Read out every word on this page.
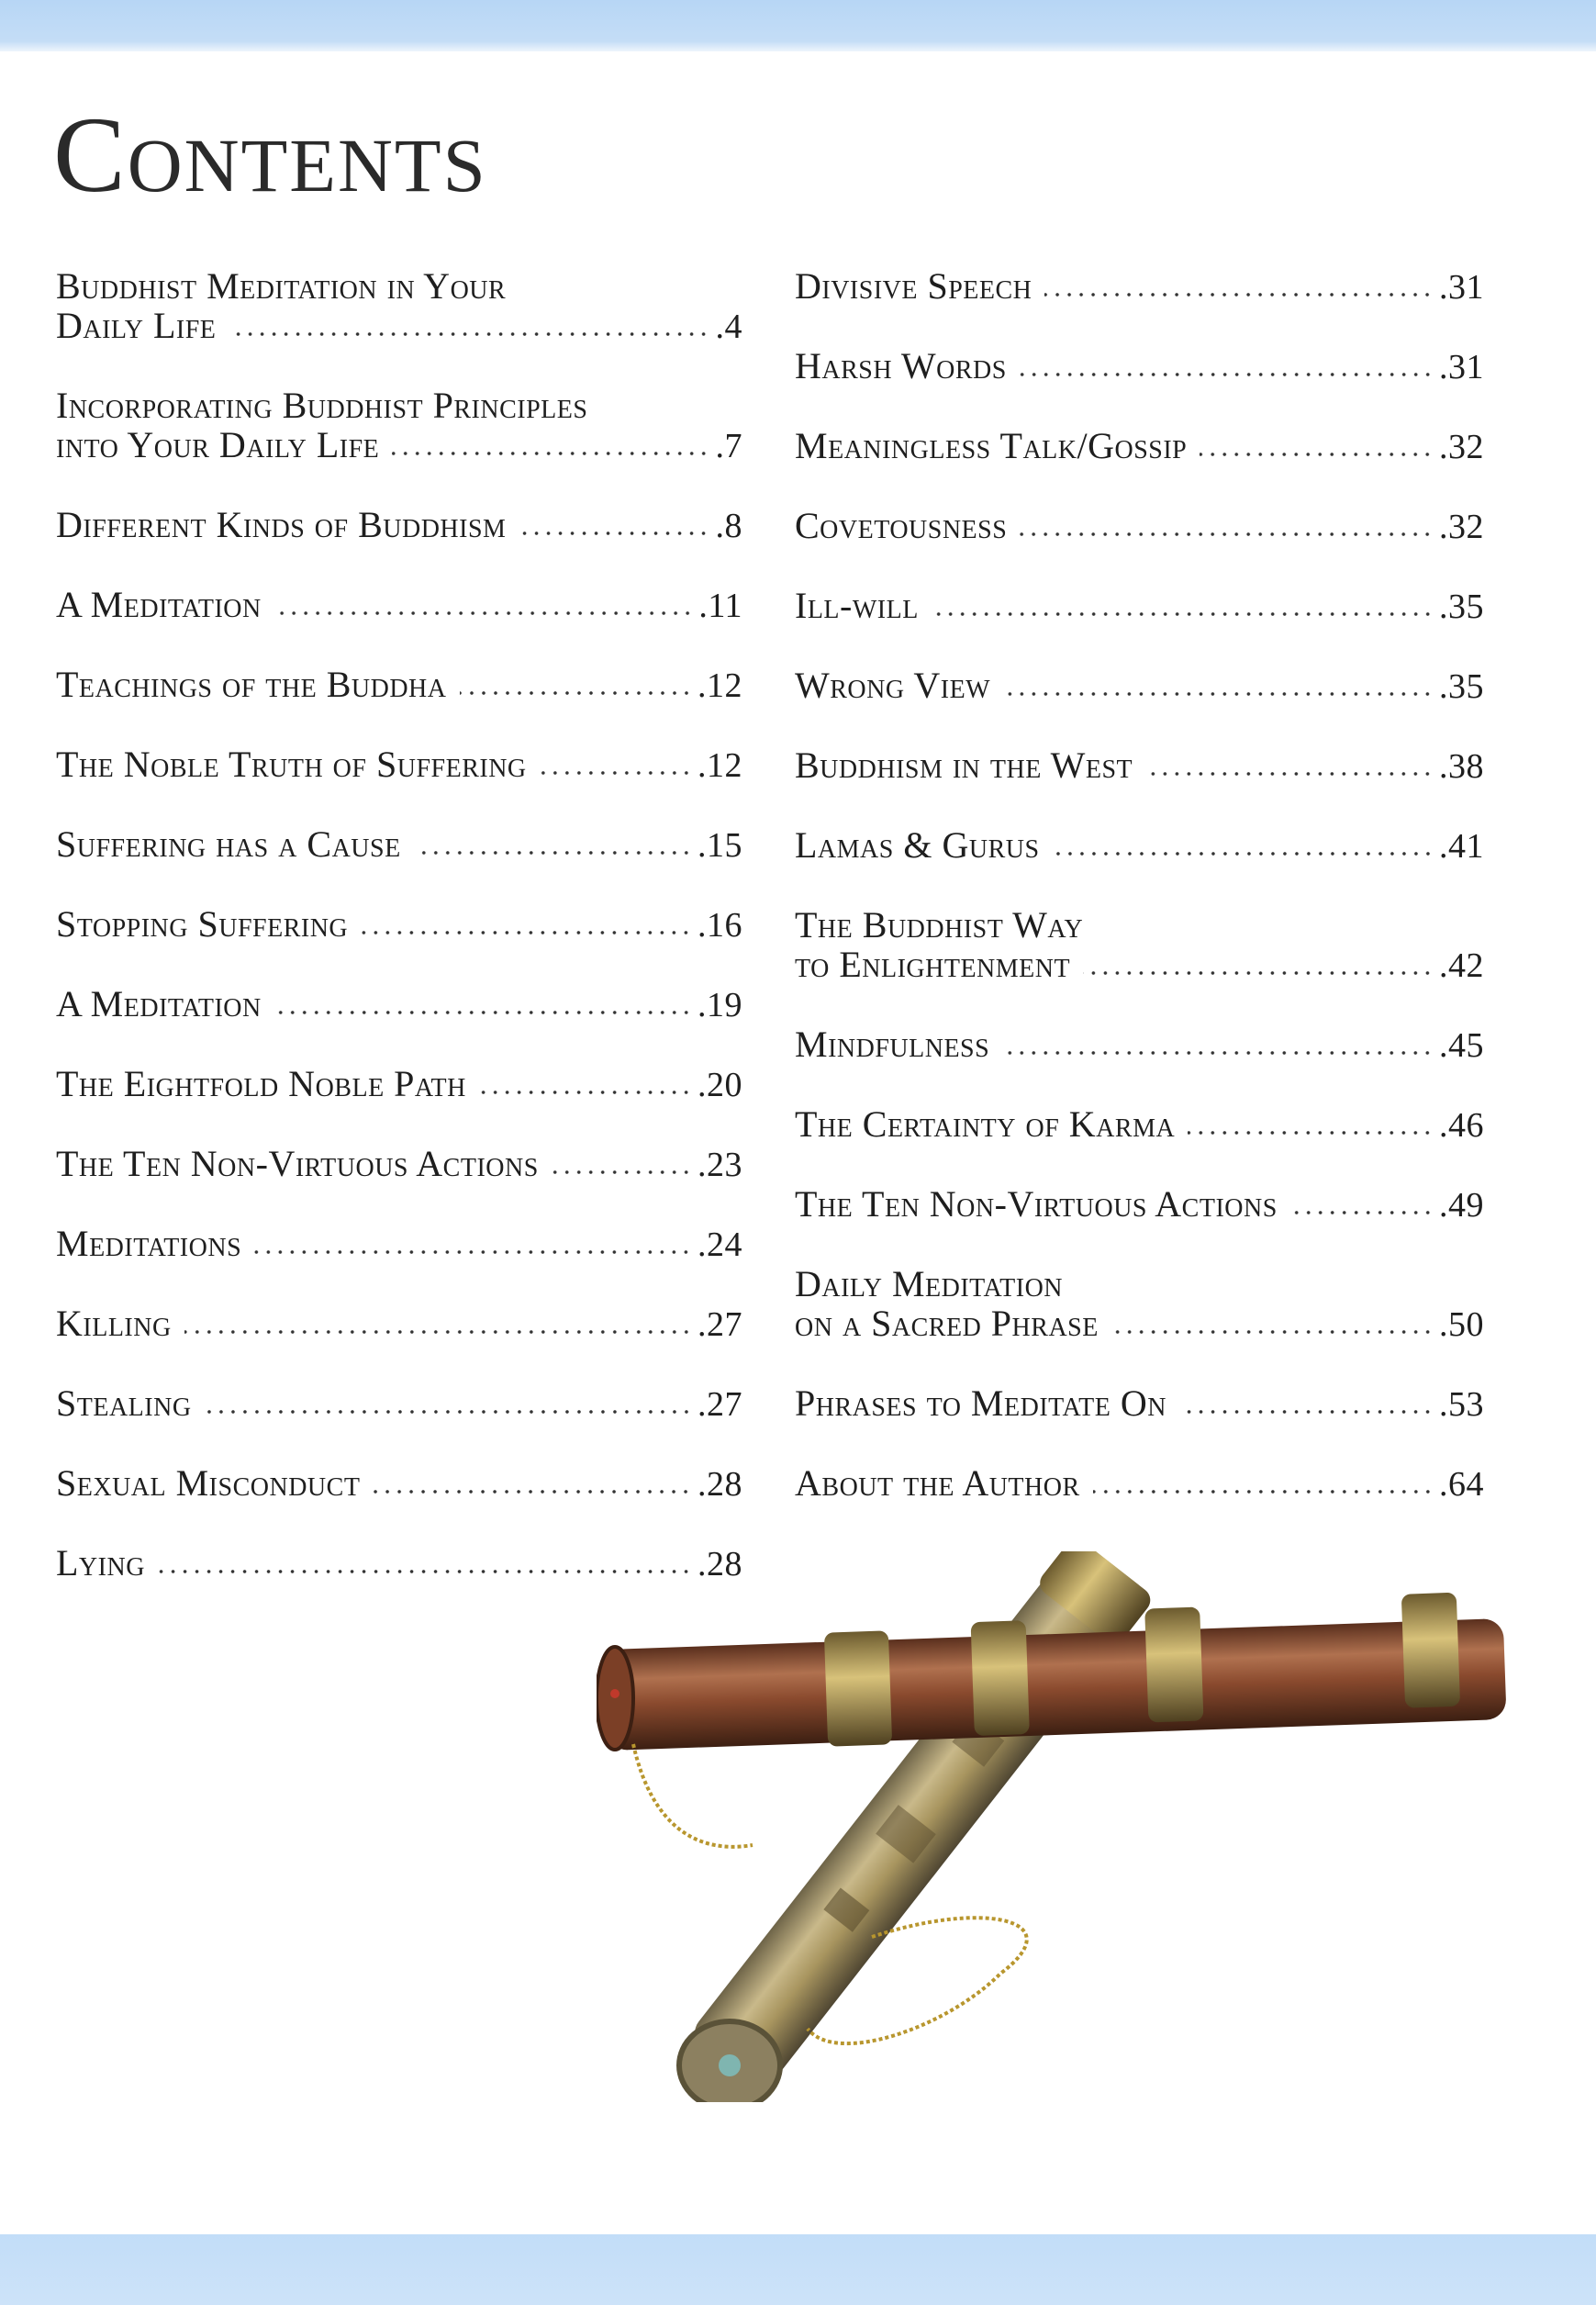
Contents
Buddhist Meditation in Your
Daily Life	.4
Incorporating Buddhist Principles
into Your Daily Life	.7
Different Kinds of Buddhism	.8
A Meditation	.11
Teachings of the Buddha	.12
The Noble Truth of Suffering	.12
Suffering has a Cause	.15
Stopping Suffering	.16
A Meditation	.19
The Eightfold Noble Path	.20
The Ten Non-Virtuous Actions	.23
Meditations	.24
Killing	.27
Stealing	.27
Sexual Misconduct	.28
Lying	.28
Divisive Speech	.31
Harsh Words	.31
Meaningless Talk/Gossip	.32
Covetousness	.32
Ill-will	.35
Wrong View	.35
Buddhism in the West	.38
Lamas & Gurus	.41
The Buddhist Way
to Enlightenment	.42
Mindfulness	.45
The Certainty of Karma	.46
The Ten Non-Virtuous Actions	.49
Daily Meditation
on a Sacred Phrase	.50
Phrases to Meditate On	.53
About the Author	.64
